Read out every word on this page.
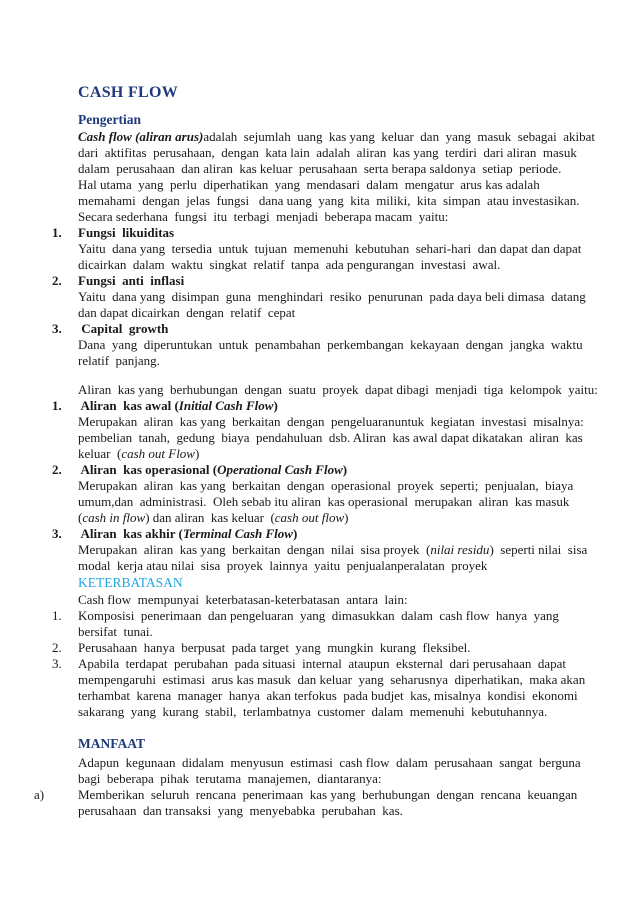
CASH FLOW
Pengertian
Cash flow (aliran arus)adalah  sejumlah  uang  kas yang  keluar  dan  yang  masuk  sebagai  akibat
dari  aktifitas  perusahaan,  dengan  kata lain  adalah  aliran  kas yang  terdiri  dari aliran  masuk
dalam  perusahaan  dan aliran  kas keluar  perusahaan  serta berapa saldonya  setiap  periode.
Hal utama  yang  perlu  diperhatikan  yang  mendasari  dalam  mengatur  arus kas adalah
memahami  dengan  jelas  fungsi   dana uang  yang  kita  miliki,  kita  simpan  atau investasikan.
Secara sederhana  fungsi  itu  terbagi  menjadi  beberapa macam  yaitu:
1. Fungsi  likuiditas
Yaitu  dana yang  tersedia  untuk  tujuan  memenuhi  kebutuhan  sehari-hari  dan dapat dan dapat
dicairkan  dalam  waktu  singkat  relatif  tanpa  ada pengurangan  investasi  awal.
2. Fungsi  anti  inflasi
Yaitu  dana yang  disimpan  guna  menghindari  resiko  penurunan  pada daya beli dimasa  datang
dan dapat dicairkan  dengan  relatif  cepat
3. Capital  growth
Dana  yang  diperuntukan  untuk  penambahan  perkembangan  kekayaan  dengan  jangka  waktu
relatif  panjang.
Aliran  kas yang  berhubungan  dengan  suatu  proyek  dapat dibagi  menjadi  tiga  kelompok  yaitu:
1. Aliran  kas awal (Initial Cash Flow)
Merupakan  aliran  kas yang  berkaitan  dengan  pengeluaranuntuk  kegiatan  investasi  misalnya:
pembelian  tanah,  gedung  biaya  pendahuluan  dsb. Aliran  kas awal dapat dikatakan  aliran  kas
keluar  (cash out Flow)
2. Aliran  kas operasional (Operational Cash Flow)
Merupakan  aliran  kas yang  berkaitan  dengan  operasional  proyek  seperti;  penjualan,  biaya
umum,dan  administrasi.  Oleh sebab itu aliran  kas operasional  merupakan  aliran  kas masuk
(cash in flow) dan aliran  kas keluar  (cash out flow)
3. Aliran  kas akhir (Terminal Cash Flow)
Merupakan  aliran  kas yang  berkaitan  dengan  nilai  sisa proyek  (nilai residu)  seperti nilai  sisa
modal  kerja atau nilai  sisa  proyek  lainnya  yaitu  penjualanperalatan  proyek
KETERBATASAN
Cash flow  mempunyai  keterbatasan-keterbatasan  antara  lain:
1. Komposisi  penerimaan  dan pengeluaran  yang  dimasukkan  dalam  cash flow  hanya  yang
bersifat  tunai.
2. Perusahaan  hanya  berpusat  pada target  yang  mungkin  kurang  fleksibel.
3. Apabila  terdapat  perubahan  pada situasi  internal  ataupun  eksternal  dari perusahaan  dapat
mempengaruhi  estimasi  arus kas masuk  dan keluar  yang  seharusnya  diperhatikan,  maka akan
terhambat  karena  manager  hanya  akan terfokus  pada budjet  kas, misalnya  kondisi  ekonomi
sakarang  yang  kurang  stabil,  terlambatnya  customer  dalam  memenuhi  kebutuhannya.
MANFAAT
Adapun  kegunaan  didalam  menyusun  estimasi  cash flow  dalam  perusahaan  sangat  berguna
bagi  beberapa  pihak  terutama  manajemen,  diantaranya:
a)	Memberikan  seluruh  rencana  penerimaan  kas yang  berhubungan  dengan  rencana  keuangan
perusahaan  dan transaksi  yang  menyebabka  perubahan  kas.
